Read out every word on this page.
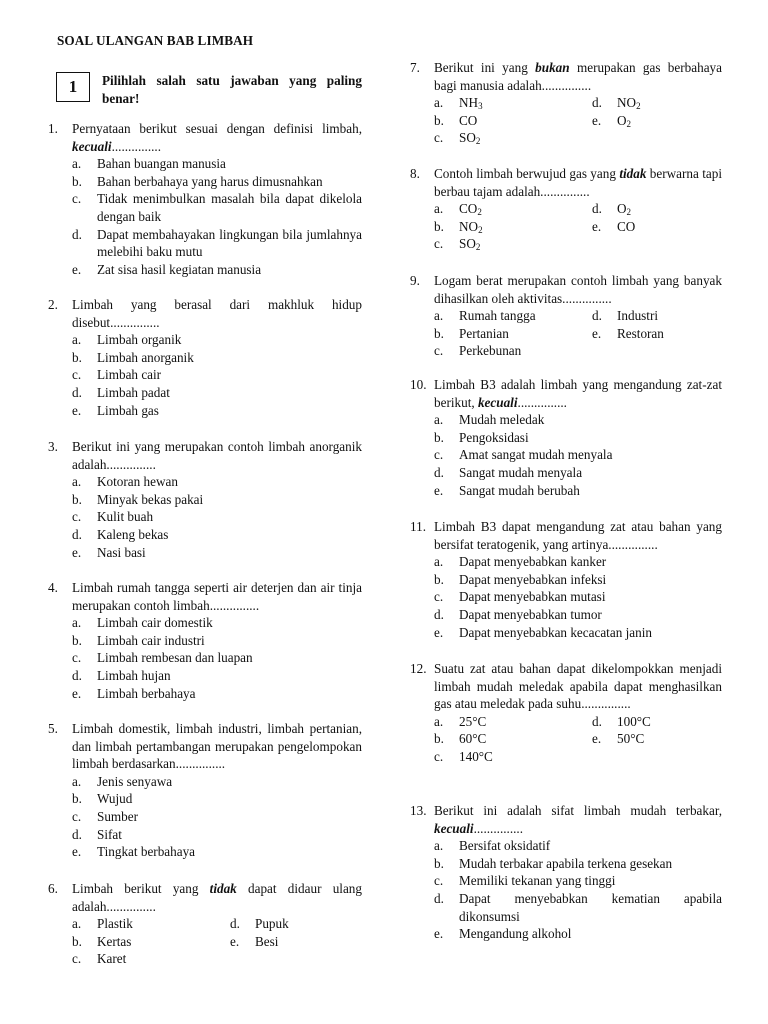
SOAL ULANGAN BAB LIMBAH
1	Pilihlah salah satu jawaban yang paling benar!
1.	Pernyataan berikut sesuai dengan definisi limbah, kecuali...............
a.	Bahan buangan manusia
b.	Bahan berbahaya yang harus dimusnahkan
c.	Tidak menimbulkan masalah bila dapat dikelola dengan baik
d.	Dapat membahayakan lingkungan bila jumlahnya melebihi baku mutu
e.	Zat sisa hasil kegiatan manusia
2.	Limbah yang berasal dari makhluk hidup disebut...............
a.	Limbah organik
b.	Limbah anorganik
c.	Limbah cair
d.	Limbah padat
e.	Limbah gas
3.	Berikut ini yang merupakan contoh limbah anorganik adalah...............
a.	Kotoran hewan
b.	Minyak bekas pakai
c.	Kulit buah
d.	Kaleng bekas
e.	Nasi basi
4.	Limbah rumah tangga seperti air deterjen dan air tinja merupakan contoh limbah...............
a.	Limbah cair domestik
b.	Limbah cair industri
c.	Limbah rembesan dan luapan
d.	Limbah hujan
e.	Limbah berbahaya
5.	Limbah domestik, limbah industri, limbah pertanian, dan limbah pertambangan merupakan pengelompokan limbah berdasarkan...............
a.	Jenis senyawa
b.	Wujud
c.	Sumber
d.	Sifat
e.	Tingkat berbahaya
6.	Limbah berikut yang tidak dapat didaur ulang adalah...............
a.	Plastik	d.	Pupuk
b.	Kertas	e.	Besi
c.	Karet
7.	Berikut ini yang bukan merupakan gas berbahaya bagi manusia adalah...............
a.	$NH_3$	d.	$NO_2$
b.	CO	e.	$O_2$
c.	$SO_2$
8.	Contoh limbah berwujud gas yang tidak berwarna tapi berbau tajam adalah...............
a.	$CO_2$	d.	$O_2$
b.	$NO_2$	e.	CO
c.	$SO_2$
9.	Logam berat merupakan contoh limbah yang banyak dihasilkan oleh aktivitas...............
a.	Rumah tangga	d.	Industri
b.	Pertanian	e.	Restoran
c.	Perkebunan
10. Limbah B3 adalah limbah yang mengandung zat-zat berikut, kecuali...............
a.	Mudah meledak
b.	Pengoksidasi
c.	Amat sangat mudah menyala
d.	Sangat mudah menyala
e.	Sangat mudah berubah
11. Limbah B3 dapat mengandung zat atau bahan yang bersifat teratogenik, yang artinya...............
a.	Dapat menyebabkan kanker
b.	Dapat menyebabkan infeksi
c.	Dapat menyebabkan mutasi
d.	Dapat menyebabkan tumor
e.	Dapat menyebabkan kecacatan janin
12. Suatu zat atau bahan dapat dikelompokkan menjadi limbah mudah meledak apabila dapat menghasilkan gas atau meledak pada suhu...............
a.	25°C	d.	100°C
b.	60°C	e.	50°C
c.	140°C
13. Berikut ini adalah sifat limbah mudah terbakar, kecuali...............
a.	Bersifat oksidatif
b.	Mudah terbakar apabila terkena gesekan
c.	Memiliki tekanan yang tinggi
d.	Dapat menyebabkan kematian apabila dikonsumsi
e.	Mengandung alkohol
